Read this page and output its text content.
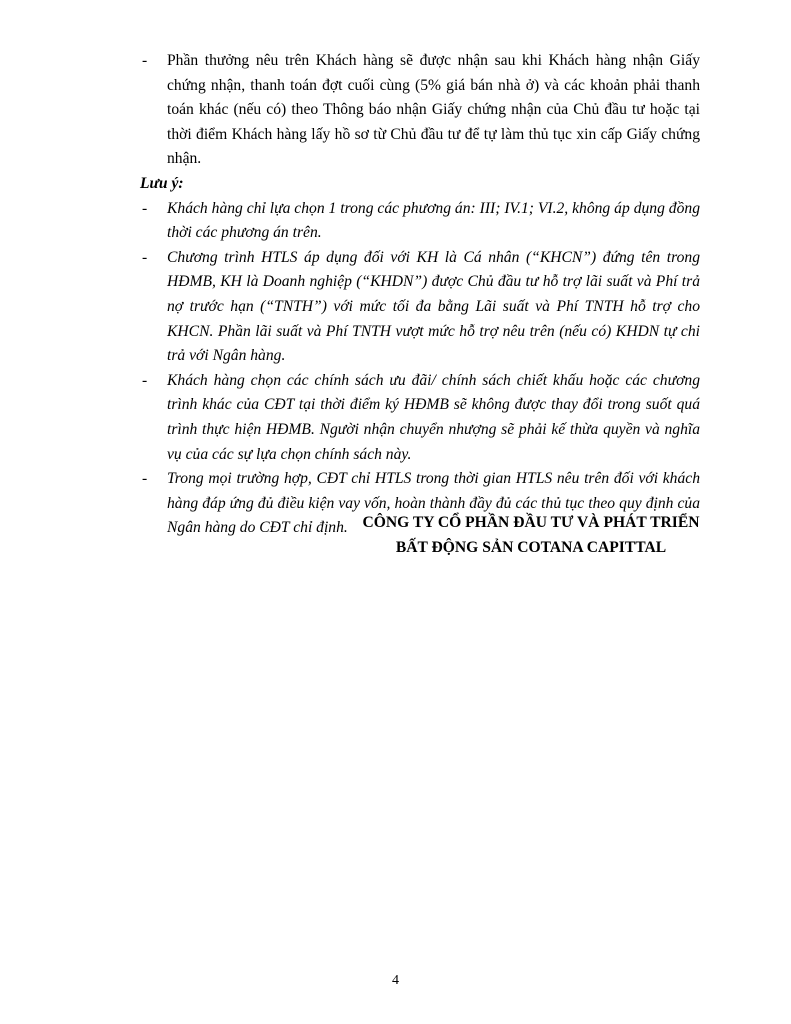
- Phần thưởng nêu trên Khách hàng sẽ được nhận sau khi Khách hàng nhận Giấy chứng nhận, thanh toán đợt cuối cùng (5% giá bán nhà ở) và các khoản phải thanh toán khác (nếu có) theo Thông báo nhận Giấy chứng nhận của Chủ đầu tư hoặc tại thời điểm Khách hàng lấy hồ sơ từ Chủ đầu tư để tự làm thủ tục xin cấp Giấy chứng nhận.
Lưu ý:
- Khách hàng chỉ lựa chọn 1 trong các phương án: III; IV.1; VI.2, không áp dụng đồng thời các phương án trên.
- Chương trình HTLS áp dụng đối với KH là Cá nhân (“KHCN”) đứng tên trong HĐMB, KH là Doanh nghiệp (“KHDN”) được Chủ đầu tư hỗ trợ lãi suất và Phí trả nợ trước hạn (“TNTH”) với mức tối đa bằng Lãi suất và Phí TNTH hỗ trợ cho KHCN. Phần lãi suất và Phí TNTH vượt mức hỗ trợ nêu trên (nếu có) KHDN tự chi trả với Ngân hàng.
- Khách hàng chọn các chính sách ưu đãi/ chính sách chiết khấu hoặc các chương trình khác của CĐT tại thời điểm ký HĐMB sẽ không được thay đổi trong suốt quá trình thực hiện HĐMB. Người nhận chuyển nhượng sẽ phải kế thừa quyền và nghĩa vụ của các sự lựa chọn chính sách này.
- Trong mọi trường hợp, CĐT chỉ HTLS trong thời gian HTLS nêu trên đối với khách hàng đáp ứng đủ điều kiện vay vốn, hoàn thành đầy đủ các thủ tục theo quy định của Ngân hàng do CĐT chỉ định. CÔNG TY CỔ PHẦN ĐẦU TƯ VÀ PHÁT TRIỂN
BẤT ĐỘNG SẢN COTANA CAPITTAL
4
